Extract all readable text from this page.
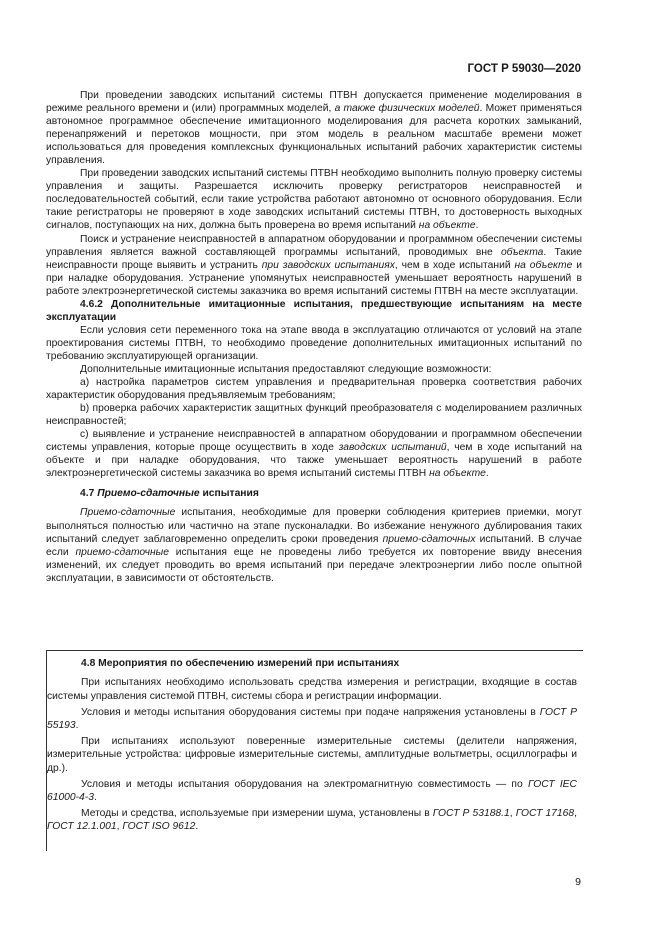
ГОСТ Р 59030—2020

При проведении заводских испытаний системы ПТВН допускается применение моделирования в режиме реального времени и (или) программных моделей, а также физических моделей. Может применяться автономное программное обеспечение имитационного моделирования для расчета коротких замыканий, перенапряжений и перетоков мощности, при этом модель в реальном масштабе времени может использоваться для проведения комплексных функциональных испытаний рабочих характеристик системы управления.

При проведении заводских испытаний системы ПТВН необходимо выполнить полную проверку системы управления и защиты. Разрешается исключить проверку регистраторов неисправностей и последовательностей событий, если такие устройства работают автономно от основного оборудования. Если такие регистраторы не проверяют в ходе заводских испытаний системы ПТВН, то достоверность выходных сигналов, поступающих на них, должна быть проверена во время испытаний на объекте.

Поиск и устранение неисправностей в аппаратном оборудовании и программном обеспечении системы управления является важной составляющей программы испытаний, проводимых вне объекта. Такие неисправности проще выявить и устранить при заводских испытаниях, чем в ходе испытаний на объекте и при наладке оборудования. Устранение упомянутых неисправностей уменьшает вероятность нарушений в работе электроэнергетической системы заказчика во время испытаний системы ПТВН на месте эксплуатации.

4.6.2 Дополнительные имитационные испытания, предшествующие испытаниям на месте эксплуатации

Если условия сети переменного тока на этапе ввода в эксплуатацию отличаются от условий на этапе проектирования системы ПТВН, то необходимо проведение дополнительных имитационных испытаний по требованию эксплуатирующей организации.

Дополнительные имитационные испытания предоставляют следующие возможности:

а) настройка параметров систем управления и предварительная проверка соответствия рабочих характеристик оборудования предъявляемым требованиям;

b) проверка рабочих характеристик защитных функций преобразователя с моделированием различных неисправностей;

с) выявление и устранение неисправностей в аппаратном оборудовании и программном обеспечении системы управления, которые проще осуществить в ходе заводских испытаний, чем в ходе испытаний на объекте и при наладке оборудования, что также уменьшает вероятность нарушений в работе электроэнергетической системы заказчика во время испытаний системы ПТВН на объекте.

4.7 Приемо-сдаточные испытания

Приемо-сдаточные испытания, необходимые для проверки соблюдения критериев приемки, могут выполняться полностью или частично на этапе пусконаладки. Во избежание ненужного дублирования таких испытаний следует заблаговременно определить сроки проведения приемо-сдаточных испытаний. В случае если приемо-сдаточные испытания еще не проведены либо требуется их повторение ввиду внесения изменений, их следует проводить во время испытаний при передаче электроэнергии либо после опытной эксплуатации, в зависимости от обстоятельств.

4.8 Мероприятия по обеспечению измерений при испытаниях

При испытаниях необходимо использовать средства измерения и регистрации, входящие в состав системы управления системой ПТВН, системы сбора и регистрации информации.

Условия и методы испытания оборудования системы при подаче напряжения установлены в ГОСТ Р 55193.

При испытаниях используют поверенные измерительные системы (делители напряжения, измерительные устройства: цифровые измерительные системы, амплитудные вольтметры, осциллографы и др.).

Условия и методы испытания оборудования на электромагнитную совместимость — по ГОСТ IEC 61000-4-3.

Методы и средства, используемые при измерении шума, установлены в ГОСТ Р 53188.1, ГОСТ 17168, ГОСТ 12.1.001, ГОСТ ISO 9612.

9
